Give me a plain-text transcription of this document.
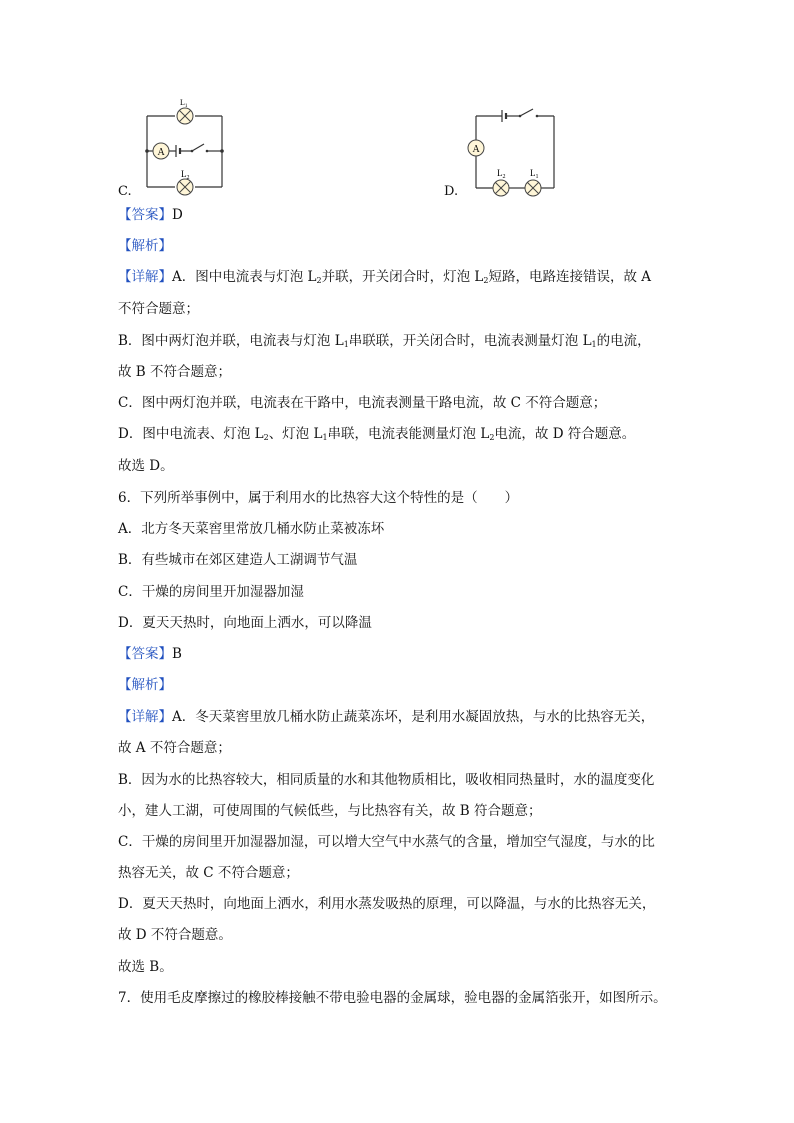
C.
$L_1$
$L_2$
A
D.
A
$L_2$	$L_1$
【答案】D
【解析】
【详解】A．图中电流表与灯泡 $L_2$并联，开关闭合时，灯泡 $L_2$短路，电路连接错误，故 A
不符合题意；
B．图中两灯泡并联，电流表与灯泡 $L_1$串联联，开关闭合时，电流表测量灯泡 $L_1$的电流，
故 B 不符合题意；
C．图中两灯泡并联，电流表在干路中，电流表测量干路电流，故 C 不符合题意；
D．图中电流表、灯泡 $L_2$、灯泡 $L_1$串联，电流表能测量灯泡 $L_2$电流，故 D 符合题意。
故选 D。
6．下列所举事例中，属于利用水的比热容大这个特性的是（　　）
A．北方冬天菜窖里常放几桶水防止菜被冻坏
B．有些城市在郊区建造人工湖调节气温
C．干燥的房间里开加湿器加湿
D．夏天天热时，向地面上洒水，可以降温
【答案】B
【解析】
【详解】A．冬天菜窖里放几桶水防止蔬菜冻坏，是利用水凝固放热，与水的比热容无关，
故 A 不符合题意；
B．因为水的比热容较大，相同质量的水和其他物质相比，吸收相同热量时，水的温度变化
小，建人工湖，可使周围的气候低些，与比热容有关，故 B 符合题意；
C．干燥的房间里开加湿器加湿，可以增大空气中水蒸气的含量，增加空气湿度，与水的比
热容无关，故 C 不符合题意；
D．夏天天热时，向地面上洒水，利用水蒸发吸热的原理，可以降温，与水的比热容无关，
故 D 不符合题意。
故选 B。
7．使用毛皮摩擦过的橡胶棒接触不带电验电器的金属球，验电器的金属箔张开，如图所示。
